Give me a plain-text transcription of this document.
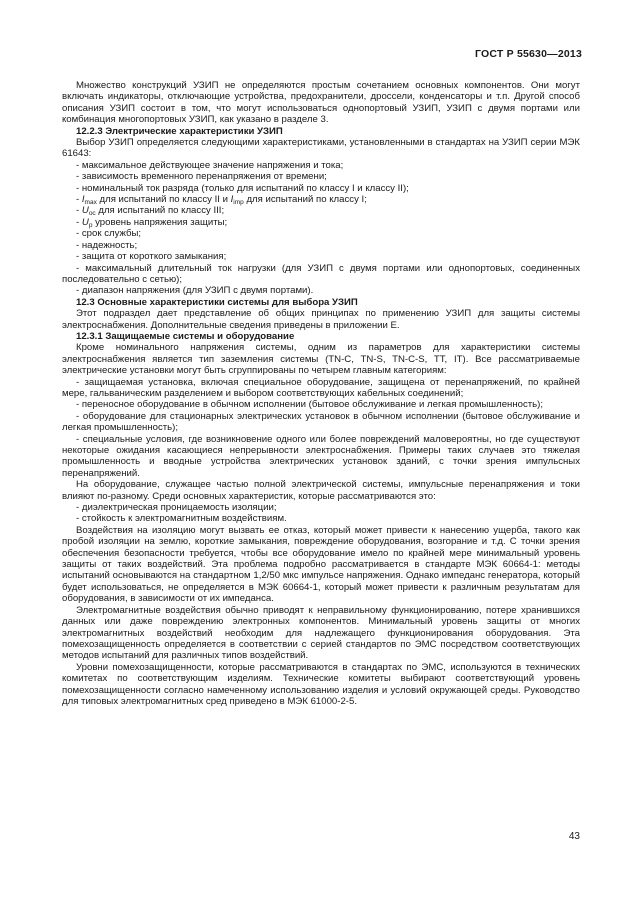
ГОСТ Р 55630—2013

Множество конструкций УЗИП не определяются простым сочетанием основных компонентов. Они могут включать индикаторы, отключающие устройства, предохранители, дроссели, конденсаторы и т.п. Другой способ описания УЗИП состоит в том, что могут использоваться однопортовый УЗИП, УЗИП с двумя портами или комбинация многопортовых УЗИП, как указано в разделе 3.

12.2.3 Электрические характеристики УЗИП

Выбор УЗИП определяется следующими характеристиками, установленными в стандартах на УЗИП серии МЭК 61643:

- максимальное действующее значение напряжения и тока;

- зависимость временного перенапряжения от времени;

- номинальный ток разряда (только для испытаний по классу I и классу II);

- $I_{max}$ для испытаний по классу II и $I_{imp}$ для испытаний по классу I;

- $U_{oc}$ для испытаний по классу III;

- $U_p$ уровень напряжения защиты;

- срок службы;

- надежность;

- защита от короткого замыкания;

- максимальный длительный ток нагрузки (для УЗИП с двумя портами или однопортовых, соединенных последовательно с сетью);

- диапазон напряжения (для УЗИП с двумя портами).

12.3 Основные характеристики системы для выбора УЗИП

Этот подраздел дает представление об общих принципах по применению УЗИП для защиты системы электроснабжения. Дополнительные сведения приведены в приложении Е.

12.3.1 Защищаемые системы и оборудование

Кроме номинального напряжения системы, одним из параметров для характеристики системы электроснабжения является тип заземления системы (TN-C, TN-S, TN-C-S, TT, IT). Все рассматриваемые электрические установки могут быть сгруппированы по четырем главным категориям:

- защищаемая установка, включая специальное оборудование, защищена от перенапряжений, по крайней мере, гальваническим разделением и выбором соответствующих кабельных соединений;

- переносное оборудование в обычном исполнении (бытовое обслуживание и легкая промышленность);

- оборудование для стационарных электрических установок в обычном исполнении (бытовое обслуживание и легкая промышленность);

- специальные условия, где возникновение одного или более повреждений маловероятны, но где существуют некоторые ожидания касающиеся непрерывности электроснабжения. Примеры таких случаев это тяжелая промышленность и вводные устройства электрических установок зданий, с точки зрения импульсных перенапряжений.

На оборудование, служащее частью полной электрической системы, импульсные перенапряжения и токи влияют по-разному. Среди основных характеристик, которые рассматриваются это:

- диэлектрическая проницаемость изоляции;

- стойкость к электромагнитным воздействиям.

Воздействия на изоляцию могут вызвать ее отказ, который может привести к нанесению ущерба, такого как пробой изоляции на землю, короткие замыкания, повреждение оборудования, возгорание и т.д. С точки зрения обеспечения безопасности требуется, чтобы все оборудование имело по крайней мере минимальный уровень защиты от таких воздействий. Эта проблема подробно рассматривается в стандарте МЭК 60664-1: методы испытаний основываются на стандартном 1,2/50 мкс импульсе напряжения. Однако импеданс генератора, который будет использоваться, не определяется в МЭК 60664-1, который может привести к различным результатам для оборудования, в зависимости от их импеданса.

Электромагнитные воздействия обычно приводят к неправильному функционированию, потере хранившихся данных или даже повреждению электронных компонентов. Минимальный уровень защиты от многих электромагнитных воздействий необходим для надлежащего функционирования оборудования. Эта помехозащищенность определяется в соответствии с серией стандартов по ЭМС посредством соответствующих методов испытаний для различных типов воздействий.

Уровни помехозащищенности, которые рассматриваются в стандартах по ЭМС, используются в технических комитетах по соответствующим изделиям. Технические комитеты выбирают соответствующий уровень помехозащищенности согласно намеченному использованию изделия и условий окружающей среды. Руководство для типовых электромагнитных сред приведено в МЭК 61000-2-5.

43
